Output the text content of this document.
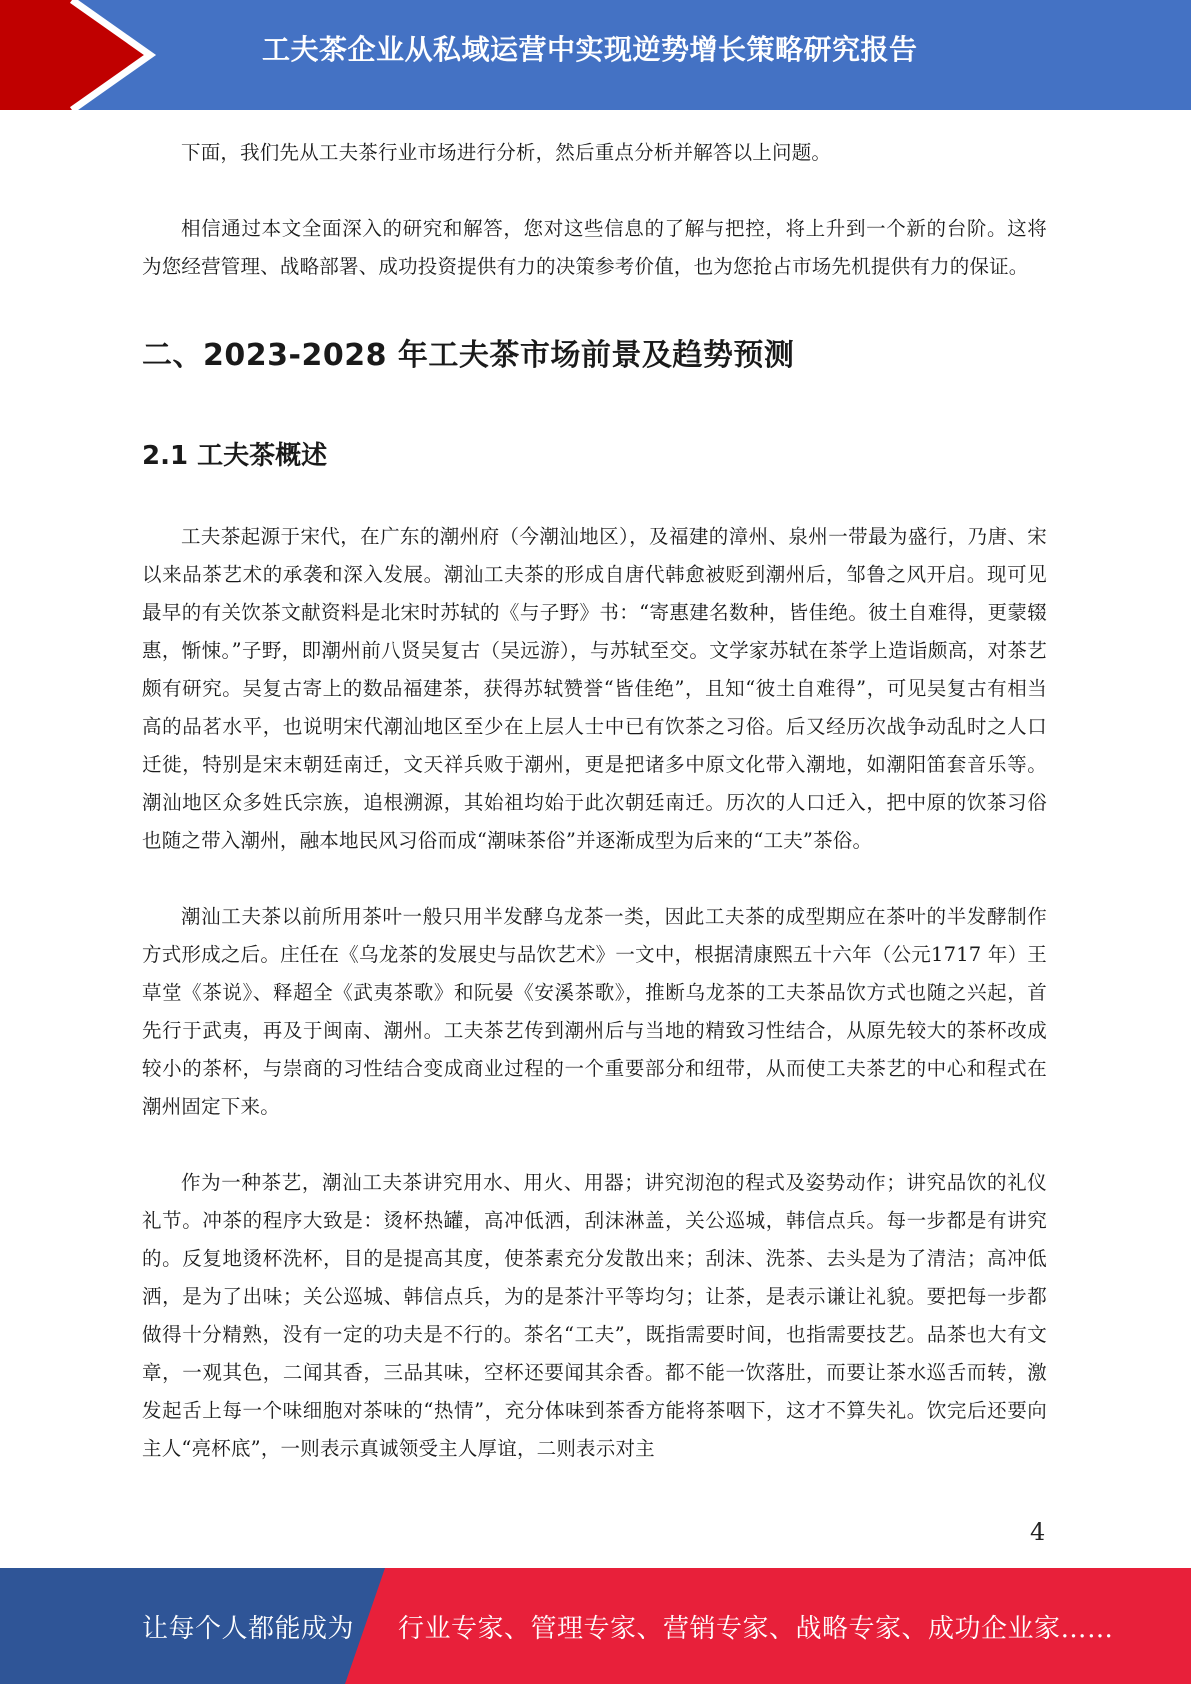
工夫茶企业从私域运营中实现逆势增长策略研究报告

下面，我们先从工夫茶行业市场进行分析，然后重点分析并解答以上问题。

相信通过本文全面深入的研究和解答，您对这些信息的了解与把控，将上升到一个新的台阶。这将为您经营管理、战略部署、成功投资提供有力的决策参考价值，也为您抢占市场先机提供有力的保证。

二、2023-2028 年工夫茶市场前景及趋势预测
2.1 工夫茶概述

工夫茶起源于宋代，在广东的潮州府（今潮汕地区），及福建的漳州、泉州一带最为盛行，乃唐、宋以来品茶艺术的承袭和深入发展。潮汕工夫茶的形成自唐代韩愈被贬到潮州后，邹鲁之风开启。现可见最早的有关饮茶文献资料是北宋时苏轼的《与子野》书：“寄惠建名数种，皆佳绝。彼土自难得，更蒙辍惠，惭悚。”子野，即潮州前八贤吴复古（吴远游），与苏轼至交。文学家苏轼在茶学上造诣颇高，对茶艺颇有研究。吴复古寄上的数品福建茶，获得苏轼赞誉“皆佳绝”，且知“彼土自难得”，可见吴复古有相当高的品茗水平，也说明宋代潮汕地区至少在上层人士中已有饮茶之习俗。后又经历次战争动乱时之人口迁徙，特别是宋末朝廷南迁，文天祥兵败于潮州，更是把诸多中原文化带入潮地，如潮阳笛套音乐等。潮汕地区众多姓氏宗族，追根溯源，其始祖均始于此次朝廷南迁。历次的人口迁入，把中原的饮茶习俗也随之带入潮州，融本地民风习俗而成“潮味茶俗”并逐渐成型为后来的“工夫”茶俗。

潮汕工夫茶以前所用茶叶一般只用半发酵乌龙茶一类，因此工夫茶的成型期应在茶叶的半发酵制作方式形成之后。庄任在《乌龙茶的发展史与品饮艺术》一文中，根据清康熙五十六年（公元1717 年）王草堂《茶说》、释超全《武夷茶歌》和阮晏《安溪茶歌》，推断乌龙茶的工夫茶品饮方式也随之兴起，首先行于武夷，再及于闽南、潮州。工夫茶艺传到潮州后与当地的精致习性结合，从原先较大的茶杯改成较小的茶杯，与崇商的习性结合变成商业过程的一个重要部分和纽带，从而使工夫茶艺的中心和程式在潮州固定下来。

作为一种茶艺，潮汕工夫茶讲究用水、用火、用器；讲究沏泡的程式及姿势动作；讲究品饮的礼仪礼节。冲茶的程序大致是：烫杯热罐，高冲低洒，刮沫淋盖，关公巡城，韩信点兵。每一步都是有讲究的。反复地烫杯洗杯，目的是提高其度，使茶素充分发散出来；刮沫、洗茶、去头是为了清洁；高冲低洒，是为了出味；关公巡城、韩信点兵，为的是茶汁平等均匀；让茶，是表示谦让礼貌。要把每一步都做得十分精熟，没有一定的功夫是不行的。茶名“工夫”，既指需要时间，也指需要技艺。品茶也大有文章，一观其色，二闻其香，三品其味，空杯还要闻其余香。都不能一饮落肚，而要让茶水巡舌而转，激发起舌上每一个味细胞对茶味的“热情”，充分体味到茶香方能将茶咽下，这才不算失礼。饮完后还要向主人“亮杯底”，一则表示真诚领受主人厚谊，二则表示对主

4
让每个人都能成为 行业专家、管理专家、营销专家、战略专家、成功企业家……
